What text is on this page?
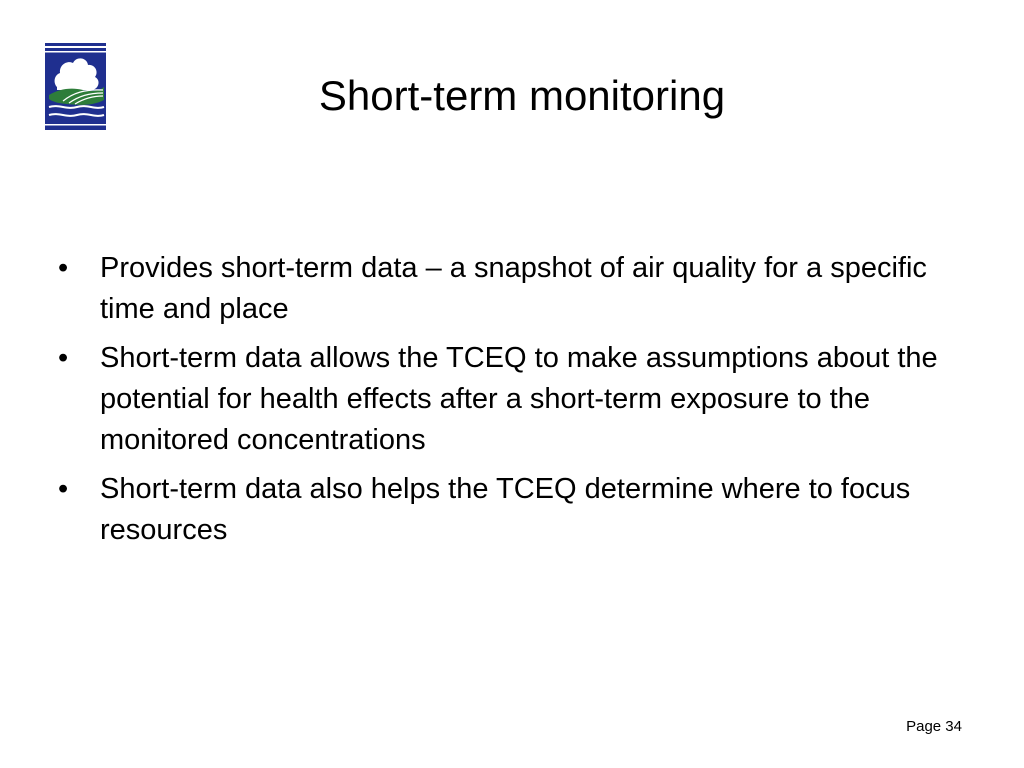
Short-term monitoring
•	Provides short-term data – a snapshot of air quality for a specific time and place
•	Short-term data allows the TCEQ to make assumptions about the potential for health effects after a short-term exposure to the monitored concentrations
•	Short-term data also helps the TCEQ determine where to focus resources
Page 34
